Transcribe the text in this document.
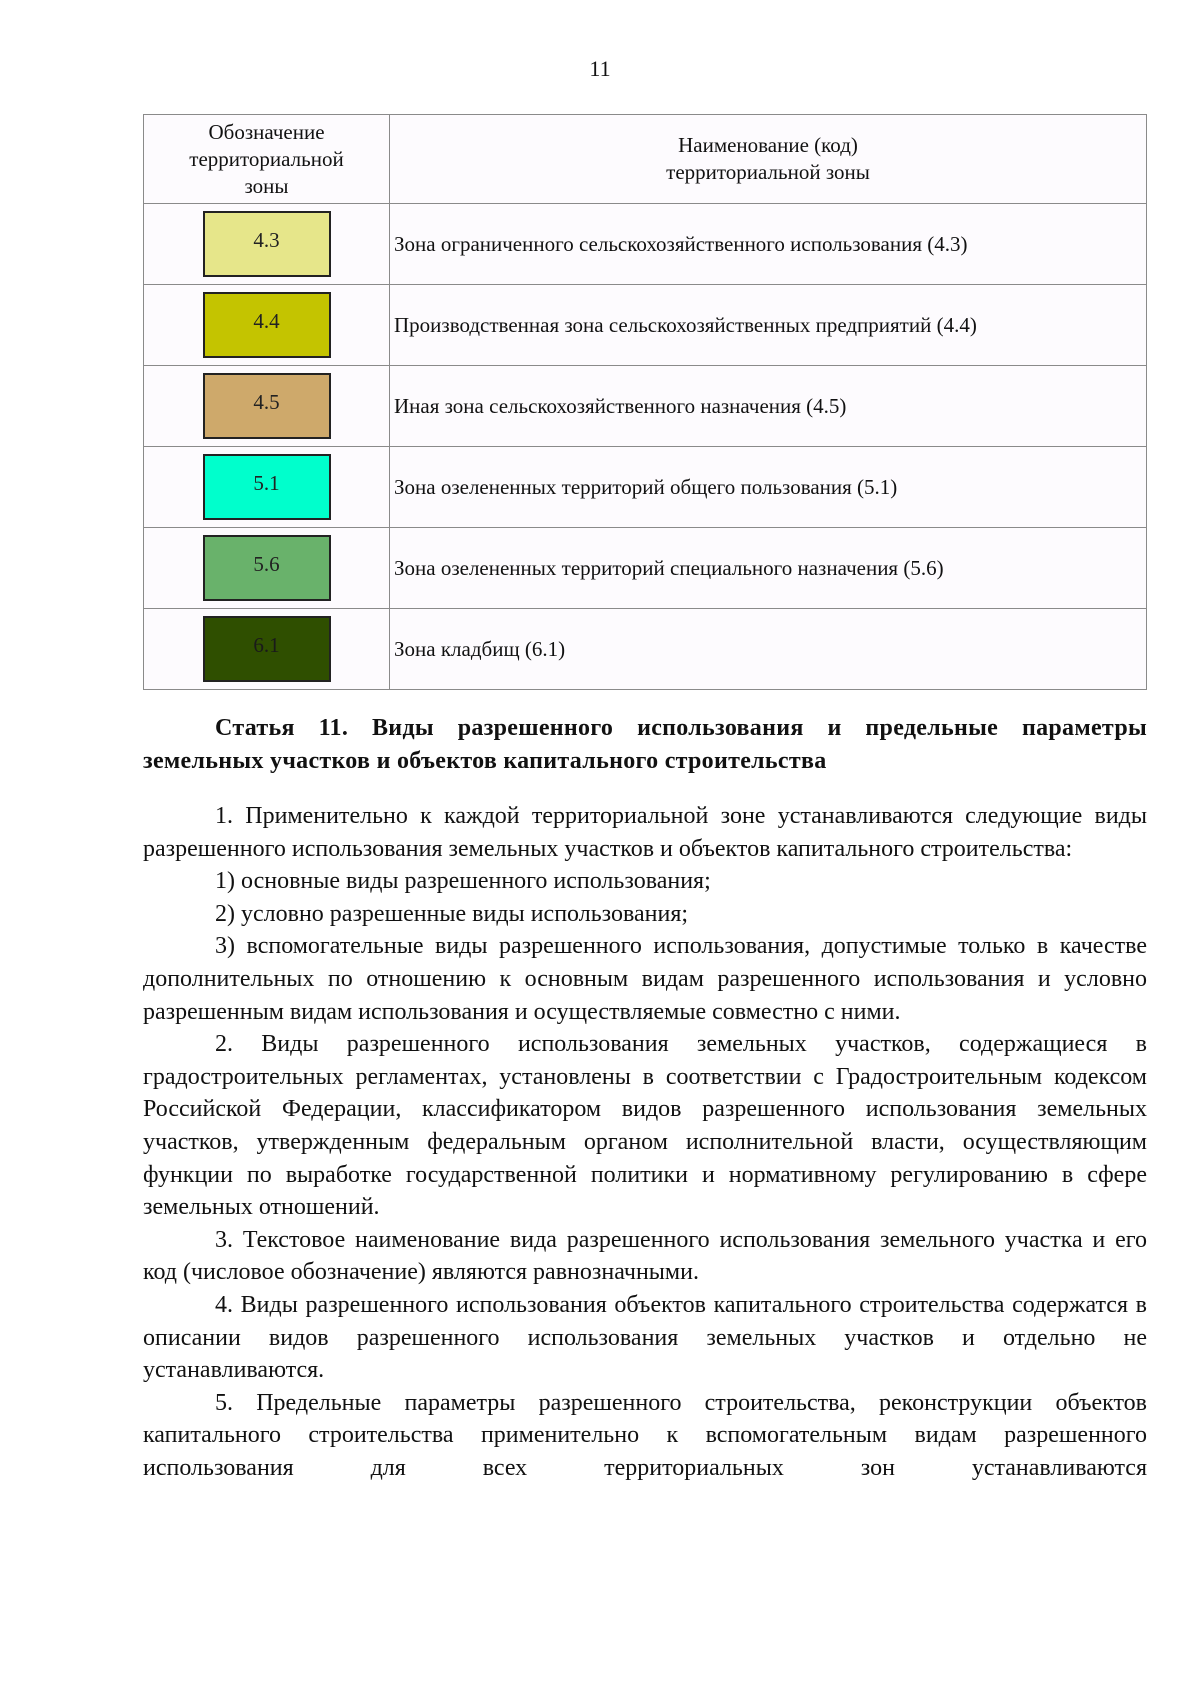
11
Обозначение территориальной зоны	Наименование (код) территориальной зоны

4.3	Зона ограниченного сельскохозяйственного использования (4.3)
4.4	Производственная зона сельскохозяйственных предприятий (4.4)
4.5	Иная зона сельскохозяйственного назначения (4.5)
5.1	Зона озелененных территорий общего пользования (5.1)
5.6	Зона озелененных территорий специального назначения (5.6)
6.1	Зона кладбищ (6.1)
Статья 11. Виды разрешенного использования и предельные параметры земельных участков и объектов капитального строительства

1. Применительно к каждой территориальной зоне устанавливаются следующие виды разрешенного использования земельных участков и объектов капитального строительства:

1) основные виды разрешенного использования;

2) условно разрешенные виды использования;

3) вспомогательные виды разрешенного использования, допустимые только в качестве дополнительных по отношению к основным видам разрешенного использования и условно разрешенным видам использования и осуществляемые совместно с ними.

2. Виды разрешенного использования земельных участков, содержащиеся в градостроительных регламентах, установлены в соответствии с Градостроительным кодексом Российской Федерации, классификатором видов разрешенного использования земельных участков, утвержденным федеральным органом исполнительной власти, осуществляющим функции по выработке государственной политики и нормативному регулированию в сфере земельных отношений.

3. Текстовое наименование вида разрешенного использования земельного участка и его код (числовое обозначение) являются равнозначными.

4. Виды разрешенного использования объектов капитального строительства содержатся в описании видов разрешенного использования земельных участков и отдельно не устанавливаются.

5. Предельные параметры разрешенного строительства, реконструкции объектов капитального строительства применительно к вспомогательным видам разрешенного использования для всех территориальных зон устанавливаются
